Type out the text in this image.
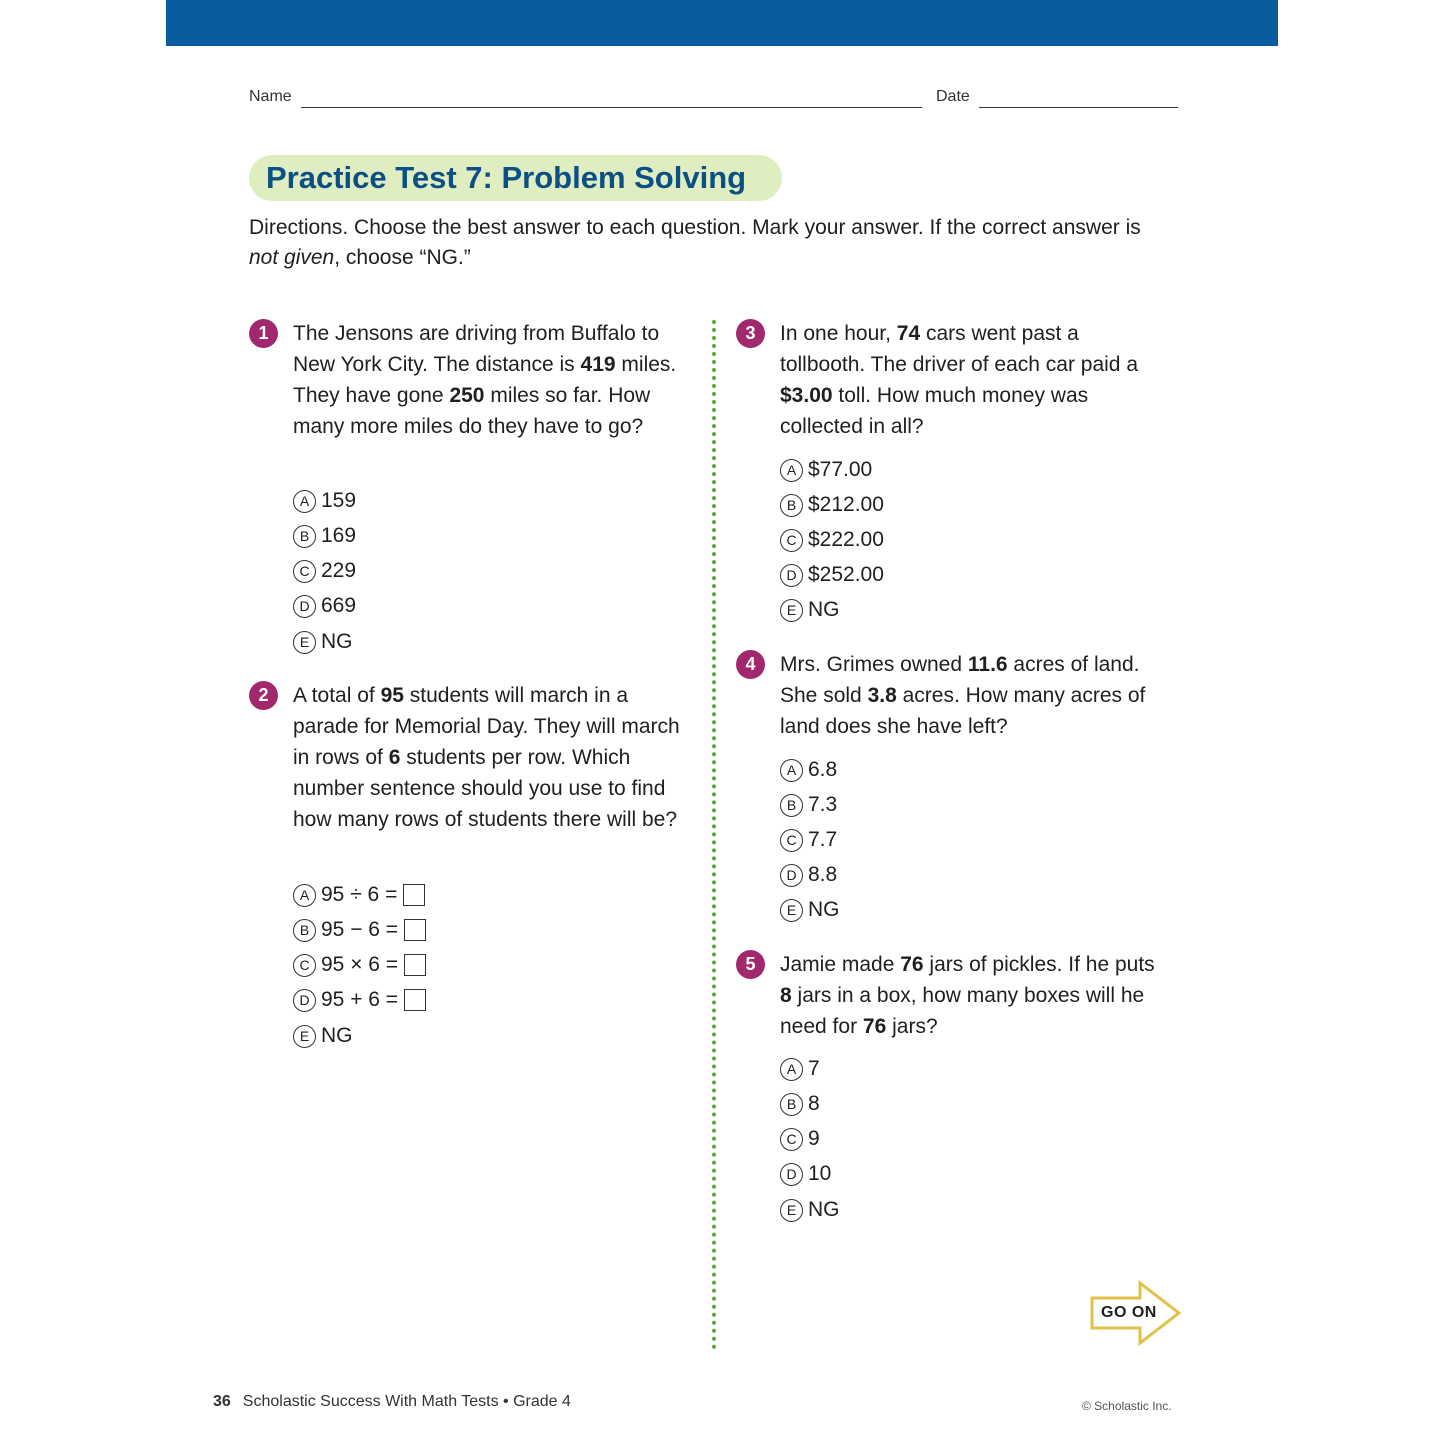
Name	Date
Practice Test 7: Problem Solving
Directions. Choose the best answer to each question. Mark your answer. If the correct answer is not given, choose “NG.”
1	The Jensons are driving from Buffalo to New York City. The distance is 419 miles. They have gone 250 miles so far. How many more miles do they have to go?
A 159
B 169
C 229
D 669
E NG
2	A total of 95 students will march in a parade for Memorial Day. They will march in rows of 6 students per row. Which number sentence should you use to find how many rows of students there will be?
A 95 ÷ 6 =
B 95 − 6 =
C 95 × 6 =
D 95 + 6 =
E NG
3	In one hour, 74 cars went past a tollbooth. The driver of each car paid a $3.00 toll. How much money was collected in all?
A $77.00
B $212.00
C $222.00
D $252.00
E NG
4	Mrs. Grimes owned 11.6 acres of land. She sold 3.8 acres. How many acres of land does she have left?
A 6.8
B 7.3
C 7.7
D 8.8
E NG
5	Jamie made 76 jars of pickles. If he puts 8 jars in a box, how many boxes will he need for 76 jars?
A 7
B 8
C 9
D 10
E NG
GO ON
36 Scholastic Success With Math Tests • Grade 4	© Scholastic Inc.
